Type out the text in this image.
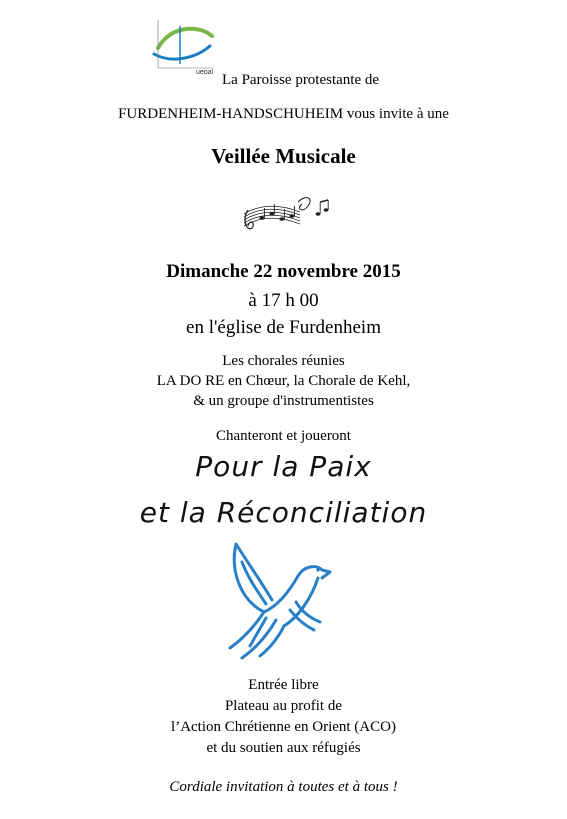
uepal La Paroisse protestante de
FURDENHEIM-HANDSCHUHEIM vous invite à une
Veillée Musicale
Dimanche 22 novembre 2015
à 17 h 00
en l'église de Furdenheim
Les chorales réunies
LA DO RE en Chœur, la Chorale de Kehl,
& un groupe d'instrumentistes
Chanteront et joueront
Pour la Paix
et la Réconciliation
Entrée libre
Plateau au profit de
l’Action Chrétienne en Orient (ACO)
et du soutien aux réfugiés
Cordiale invitation à toutes et à tous !
